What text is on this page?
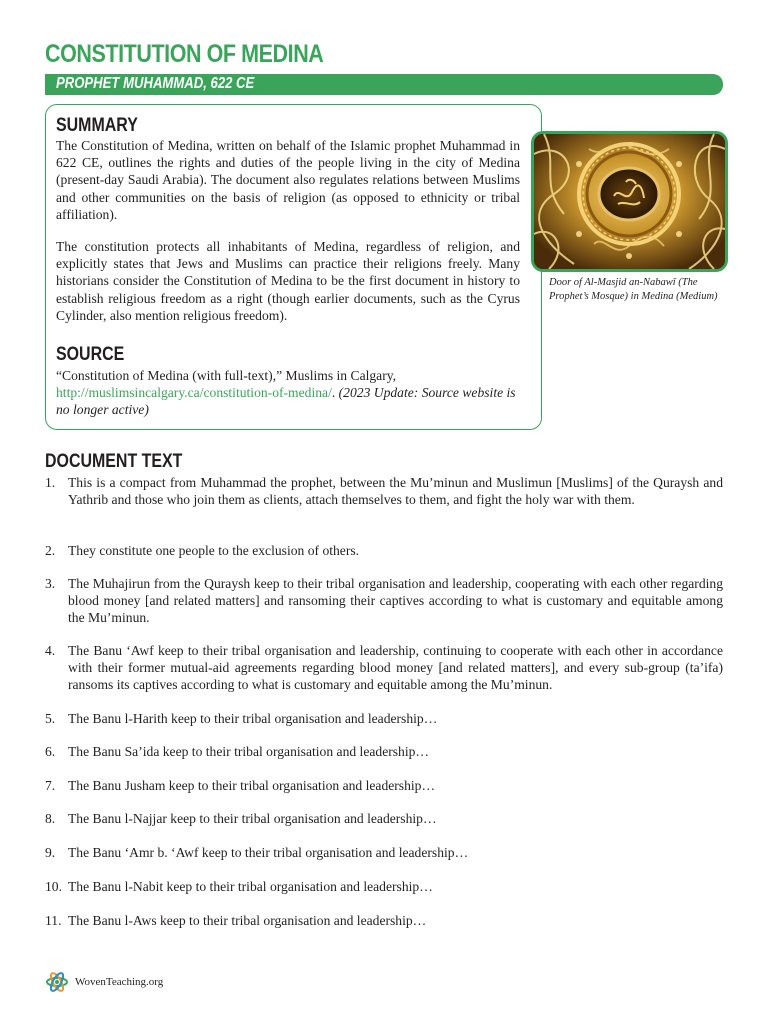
CONSTITUTION OF MEDINA
PROPHET MUHAMMAD, 622 CE
SUMMARY
The Constitution of Medina, written on behalf of the Islamic prophet Muhammad in 622 CE, outlines the rights and duties of the people living in the city of Medina (present-day Saudi Arabia). The document also regulates relations between Muslims and other communities on the basis of religion (as opposed to ethnicity or tribal affiliation).
The constitution protects all inhabitants of Medina, regardless of religion, and explicitly states that Jews and Muslims can practice their religions freely. Many historians consider the Constitution of Medina to be the first document in history to establish religious freedom as a right (though earlier documents, such as the Cyrus Cylinder, also mention religious freedom).
SOURCE
“Constitution of Medina (with full-text),” Muslims in Calgary, http://muslimsincalgary.ca/constitution-of-medina/. (2023 Update: Source website is no longer active)
Door of Al-Masjid an-Nabawī (The Prophet’s Mosque) in Medina (Medium)
DOCUMENT TEXT
1. This is a compact from Muhammad the prophet, between the Mu’minun and Muslimun [Muslims] of the Quraysh and Yathrib and those who join them as clients, attach themselves to them, and fight the holy war with them.
2. They constitute one people to the exclusion of others.
3. The Muhajirun from the Quraysh keep to their tribal organisation and leadership, cooperating with each other regarding blood money [and related matters] and ransoming their captives according to what is customary and equitable among the Mu’minun.
4. The Banu ‘Awf keep to their tribal organisation and leadership, continuing to cooperate with each other in accordance with their former mutual-aid agreements regarding blood money [and related matters], and every sub-group (ta’ifa) ransoms its captives according to what is customary and equitable among the Mu’minun.
5. The Banu l-Harith keep to their tribal organisation and leadership…
6. The Banu Sa’ida keep to their tribal organisation and leadership…
7. The Banu Jusham keep to their tribal organisation and leadership…
8. The Banu l-Najjar keep to their tribal organisation and leadership…
9. The Banu ‘Amr b. ‘Awf keep to their tribal organisation and leadership…
10. The Banu l-Nabit keep to their tribal organisation and leadership…
11. The Banu l-Aws keep to their tribal organisation and leadership…
WovenTeaching.org
